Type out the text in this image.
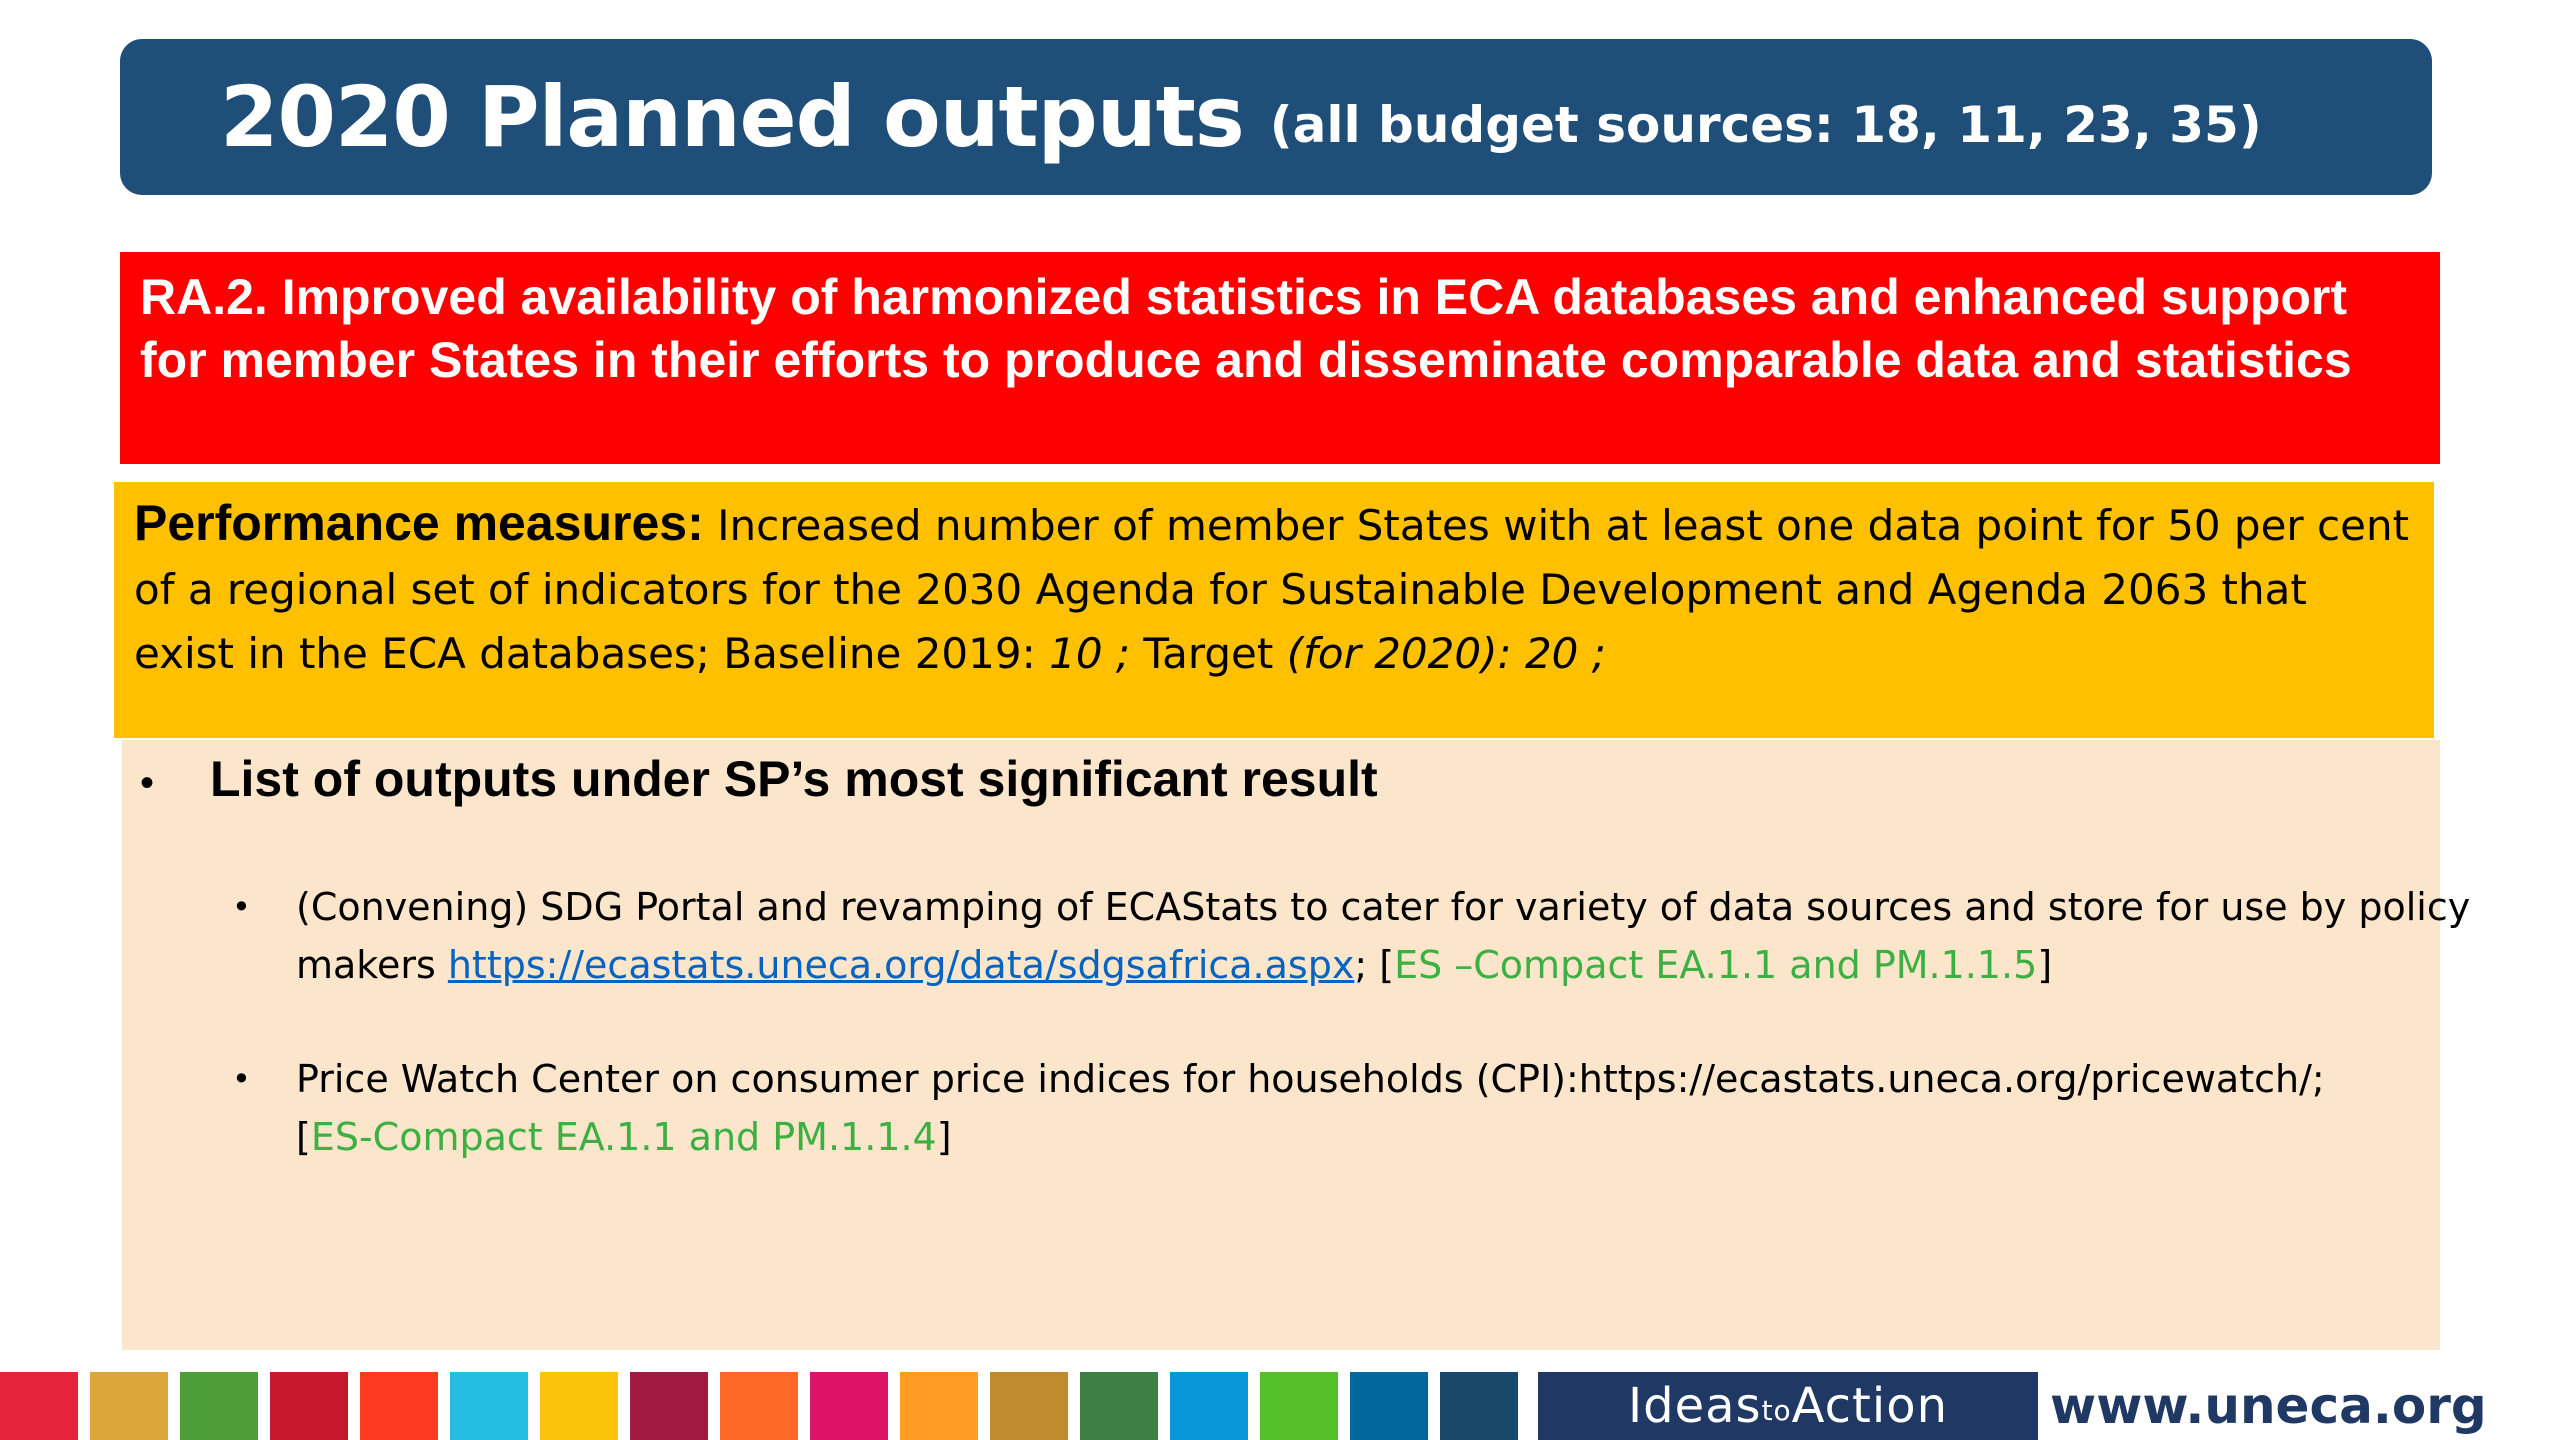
2020 Planned outputs (all budget sources: 18, 11, 23, 35)
RA.2. Improved availability of harmonized statistics in ECA databases and enhanced support for member States in their efforts to produce and disseminate comparable data and statistics
Performance measures: Increased number of member States with at least one data point for 50 per cent of a regional set of indicators for the 2030 Agenda for Sustainable Development and Agenda 2063 that exist in the ECA databases; Baseline 2019: 10 ; Target (for 2020): 20 ;
•	List of outputs under SP’s most significant result
•	(Convening) SDG Portal and revamping of ECAStats to cater for variety of data sources and store for use by policy makers https://ecastats.uneca.org/data/sdgsafrica.aspx; [ES –Compact EA.1.1 and PM.1.1.5]
•	Price Watch Center on consumer price indices for households (CPI):https://ecastats.uneca.org/pricewatch/;
[ES-Compact EA.1.1 and PM.1.1.4]
Ideas to Action www.uneca.org
